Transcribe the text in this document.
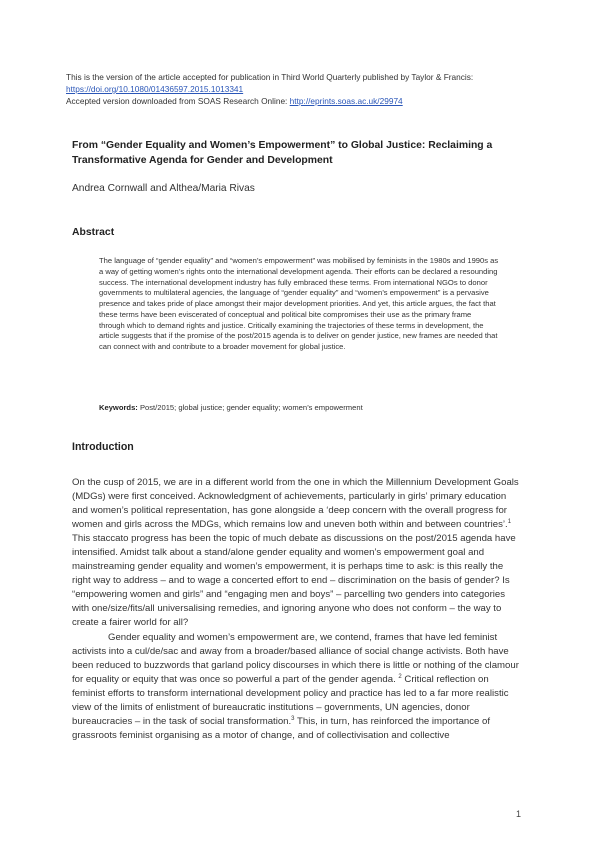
This is the version of the article accepted for publication in Third World Quarterly published by Taylor & Francis:
https://doi.org/10.1080/01436597.2015.1013341
Accepted version downloaded from SOAS Research Online: http://eprints.soas.ac.uk/29974
From “Gender Equality and Women’s Empowerment” to Global Justice: Reclaiming a Transformative Agenda for Gender and Development
Andrea Cornwall and Althea/Maria Rivas
Abstract
The language of “gender equality” and “women’s empowerment” was mobilised by feminists in the 1980s and 1990s as a way of getting women’s rights onto the international development agenda. Their efforts can be declared a resounding success. The international development industry has fully embraced these terms. From international NGOs to donor governments to multilateral agencies, the language of “gender equality” and “women’s empowerment” is a pervasive presence and takes pride of place amongst their major development priorities. And yet, this article argues, the fact that these terms have been eviscerated of conceptual and political bite compromises their use as the primary frame through which to demand rights and justice. Critically examining the trajectories of these terms in development, the article suggests that if the promise of the post/2015 agenda is to deliver on gender justice, new frames are needed that can connect with and contribute to a broader movement for global justice.
Keywords: Post/2015; global justice; gender equality; women’s empowerment
Introduction

On the cusp of 2015, we are in a different world from the one in which the Millennium Development Goals (MDGs) were first conceived. Acknowledgment of achievements, particularly in girls’ primary education and women’s political representation, has gone alongside a ‘deep concern with the overall progress for women and girls across the MDGs, which remains low and uneven both within and between countries’.$^1$ This staccato progress has been the topic of much debate as discussions on the post/2015 agenda have intensified. Amidst talk about a stand/alone gender equality and women’s empowerment goal and mainstreaming gender equality and women’s empowerment, it is perhaps time to ask: is this really the right way to address – and to wage a concerted effort to end – discrimination on the basis of gender? Is “empowering women and girls” and “engaging men and boys” – parcelling two genders into categories with one/size/fits/all universalising remedies, and ignoring anyone who does not conform – the way to create a fairer world for all?

Gender equality and women’s empowerment are, we contend, frames that have led feminist activists into a cul/de/sac and away from a broader/based alliance of social change activists. Both have been reduced to buzzwords that garland policy discourses in which there is little or nothing of the clamour for equality or equity that was once so powerful a part of the gender agenda. $^2$ Critical reflection on feminist efforts to transform international development policy and practice has led to a far more realistic view of the limits of enlistment of bureaucratic institutions – governments, UN agencies, donor bureaucracies – in the task of social transformation.$^3$ This, in turn, has reinforced the importance of grassroots feminist organising as a motor of change, and of collectivisation and collective

1
